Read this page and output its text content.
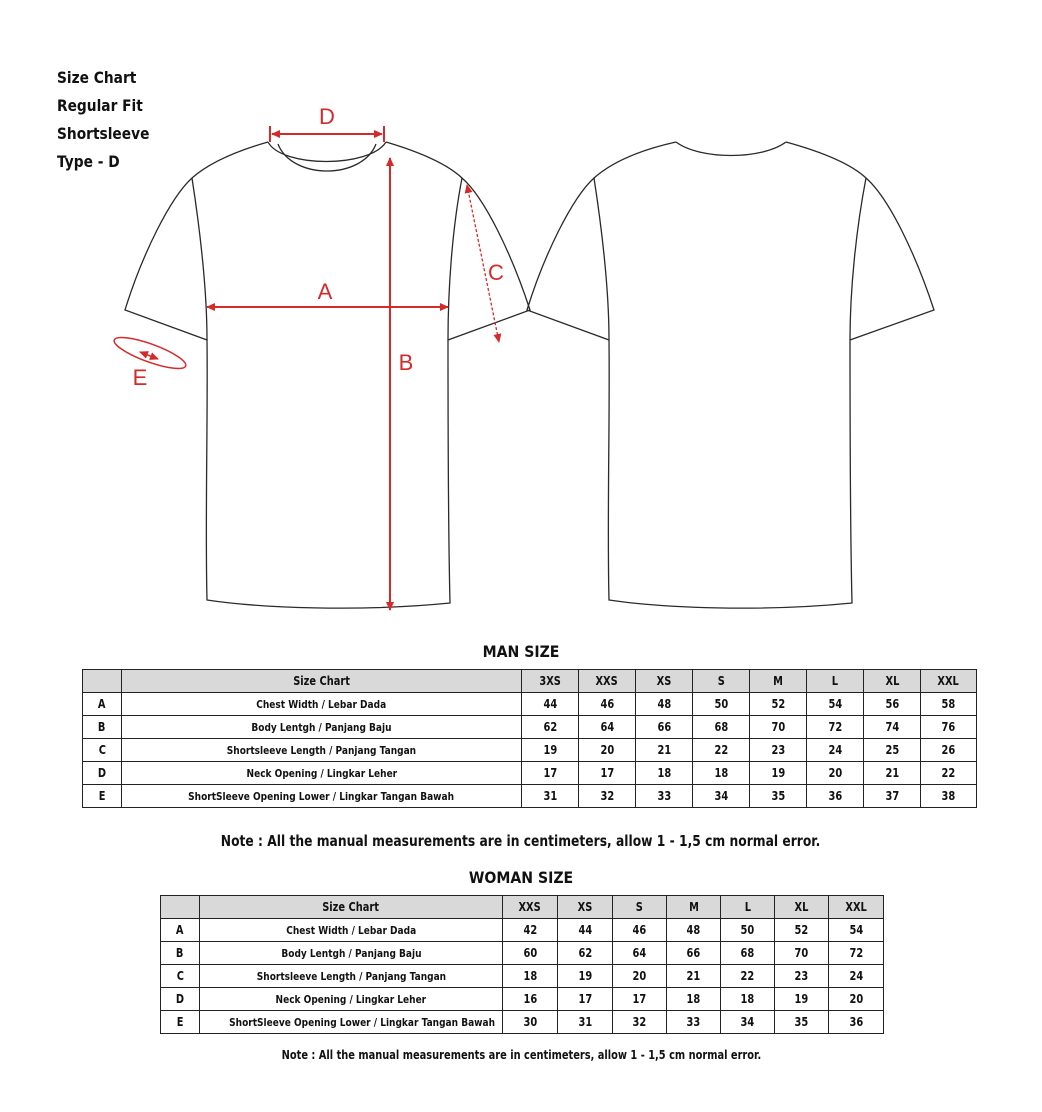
Size Chart
Regular Fit
Shortsleeve
Type - D
D
B
A
C
E
MAN SIZE
	Size Chart	3XS	XXS	XS	S	M	L	XL	XXL
A	Chest Width / Lebar Dada	44	46	48	50	52	54	56	58
B	Body Lentgh / Panjang Baju	62	64	66	68	70	72	74	76
C	Shortsleeve Length / Panjang Tangan	19	20	21	22	23	24	25	26
D	Neck Opening / Lingkar Leher	17	17	18	18	19	20	21	22
E	ShortSleeve Opening Lower / Lingkar Tangan Bawah	31	32	33	34	35	36	37	38
Note : All the manual measurements are in centimeters, allow 1 - 1,5 cm normal error.
WOMAN SIZE
	Size Chart	XXS	XS	S	M	L	XL	XXL
A	Chest Width / Lebar Dada	42	44	46	48	50	52	54
B	Body Lentgh / Panjang Baju	60	62	64	66	68	70	72
C	Shortsleeve Length / Panjang Tangan	18	19	20	21	22	23	24
D	Neck Opening / Lingkar Leher	16	17	17	18	18	19	20
E	ShortSleeve Opening Lower / Lingkar Tangan Bawah	30	31	32	33	34	35	36
Note : All the manual measurements are in centimeters, allow 1 - 1,5 cm normal error.
